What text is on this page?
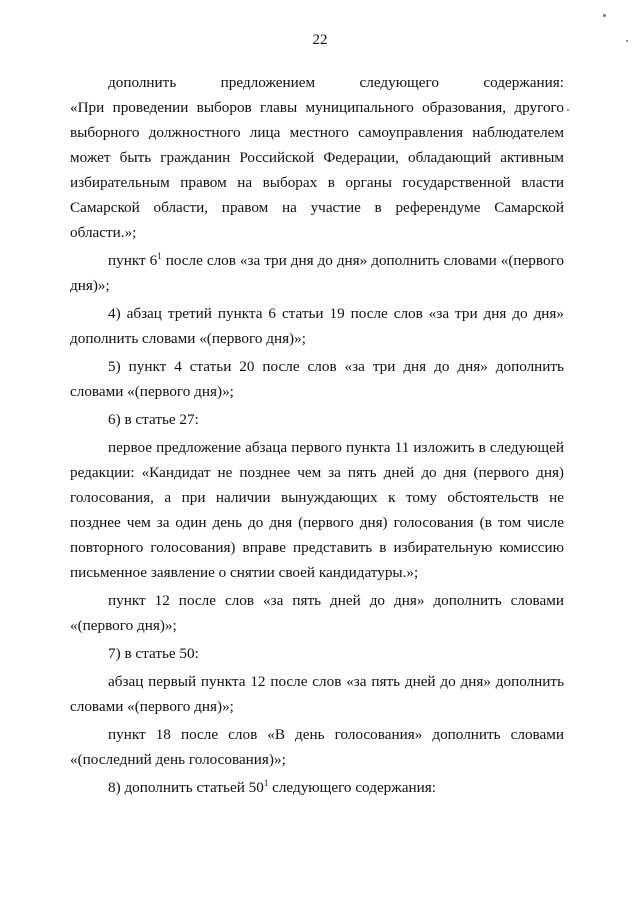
22

дополнить предложением следующего содержания:

«При проведении выборов главы муниципального образования, другого выборного должностного лица местного самоуправления наблюдателем может быть гражданин Российской Федерации, обладающий активным избирательным правом на выборах в органы государственной власти Самарской области, правом на участие в референдуме Самарской области.»;

пункт $6^1$ после слов «за три дня до дня» дополнить словами «(первого дня)»;

4) абзац третий пункта 6 статьи 19 после слов «за три дня до дня» дополнить словами «(первого дня)»;

5) пункт 4 статьи 20 после слов «за три дня до дня» дополнить словами «(первого дня)»;

6) в статье 27:

первое предложение абзаца первого пункта 11 изложить в следующей редакции: «Кандидат не позднее чем за пять дней до дня (первого дня) голосования, а при наличии вынуждающих к тому обстоятельств не позднее чем за один день до дня (первого дня) голосования (в том числе повторного голосования) вправе представить в избирательную комиссию письменное заявление о снятии своей кандидатуры.»;

пункт 12 после слов «за пять дней до дня» дополнить словами «(первого дня)»;

7) в статье 50:

абзац первый пункта 12 после слов «за пять дней до дня» дополнить словами «(первого дня)»;

пункт 18 после слов «В день голосования» дополнить словами «(последний день голосования)»;

8) дополнить статьей $50^1$ следующего содержания:
